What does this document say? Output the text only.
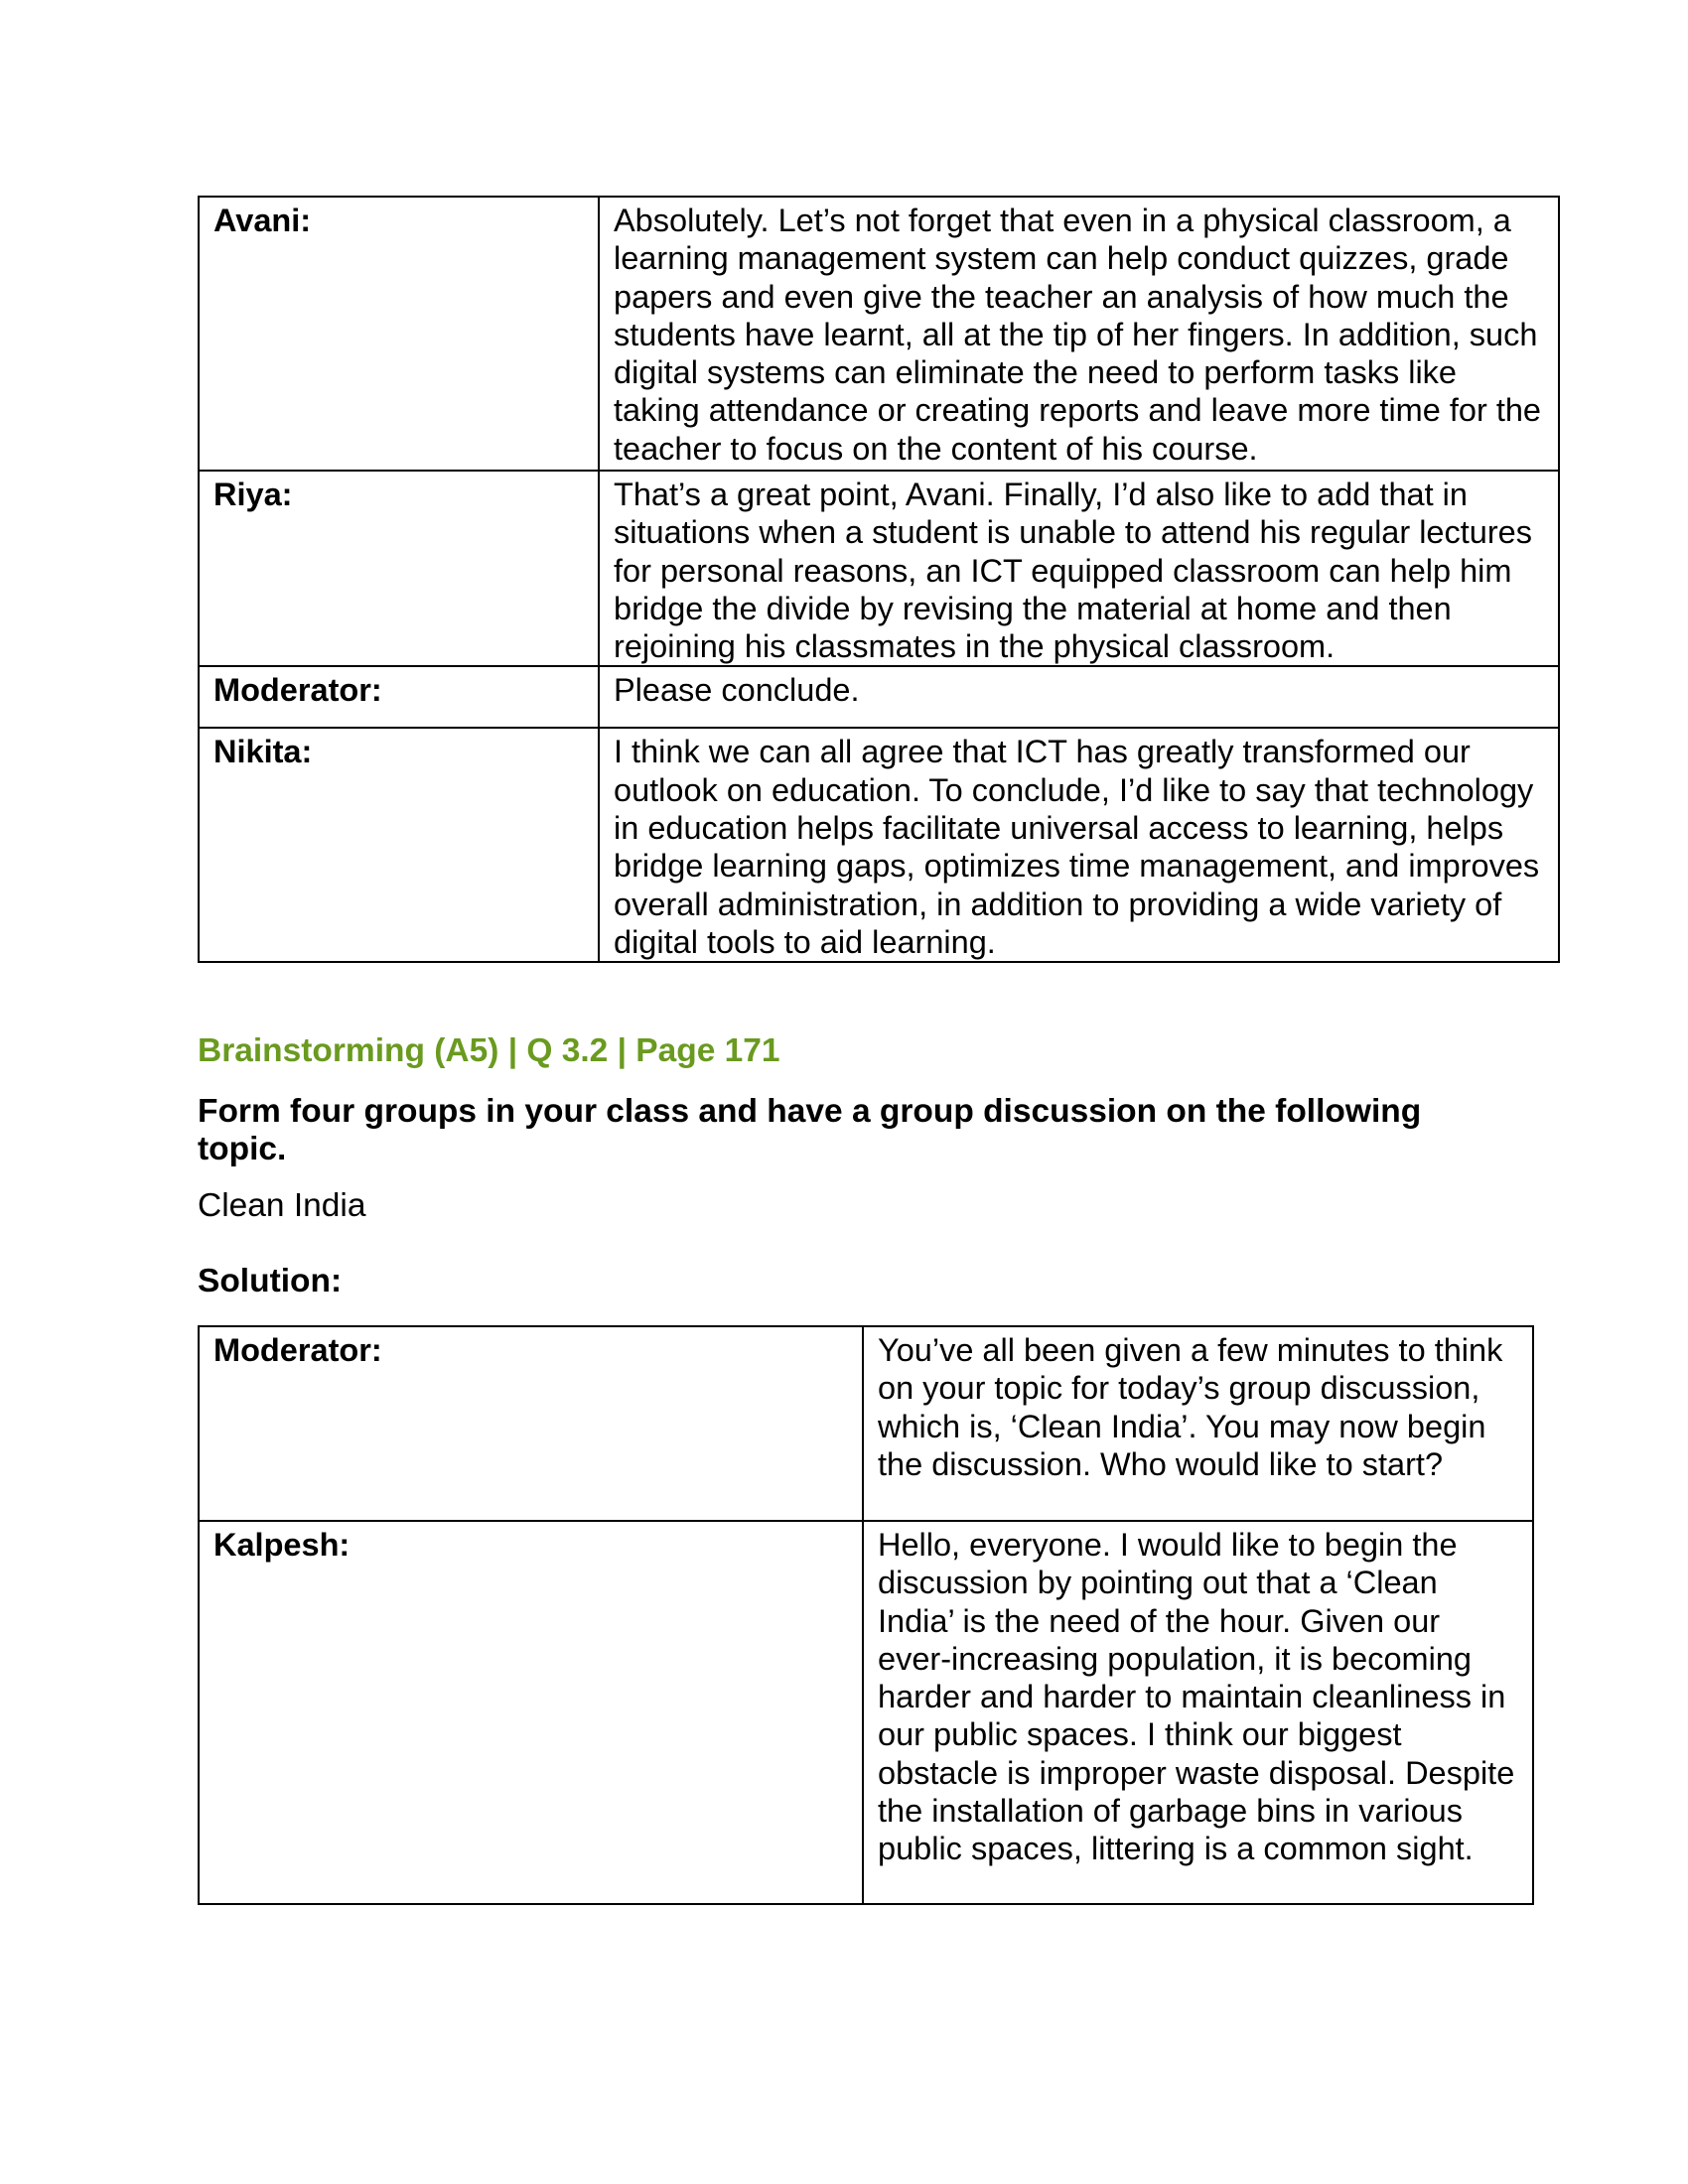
Avani:	Absolutely. Let’s not forget that even in a physical classroom, a learning management system can help conduct quizzes, grade papers and even give the teacher an analysis of how much the students have learnt, all at the tip of her fingers. In addition, such digital systems can eliminate the need to perform tasks like taking attendance or creating reports and leave more time for the teacher to focus on the content of his course.
Riya:	That’s a great point, Avani. Finally, I’d also like to add that in situations when a student is unable to attend his regular lectures for personal reasons, an ICT equipped classroom can help him bridge the divide by revising the material at home and then rejoining his classmates in the physical classroom.
Moderator:	Please conclude.
Nikita:	I think we can all agree that ICT has greatly transformed our outlook on education. To conclude, I’d like to say that technology in education helps facilitate universal access to learning, helps bridge learning gaps, optimizes time management, and improves overall administration, in addition to providing a wide variety of digital tools to aid learning.
Brainstorming (A5) | Q 3.2 | Page 171
Form four groups in your class and have a group discussion on the following topic.
Clean India
Solution:
Moderator:	You’ve all been given a few minutes to think on your topic for today’s group discussion, which is, ‘Clean India’. You may now begin the discussion. Who would like to start?
Kalpesh:	Hello, everyone. I would like to begin the discussion by pointing out that a ‘Clean India’ is the need of the hour. Given our ever-increasing population, it is becoming harder and harder to maintain cleanliness in our public spaces. I think our biggest obstacle is improper waste disposal. Despite the installation of garbage bins in various public spaces, littering is a common sight.
